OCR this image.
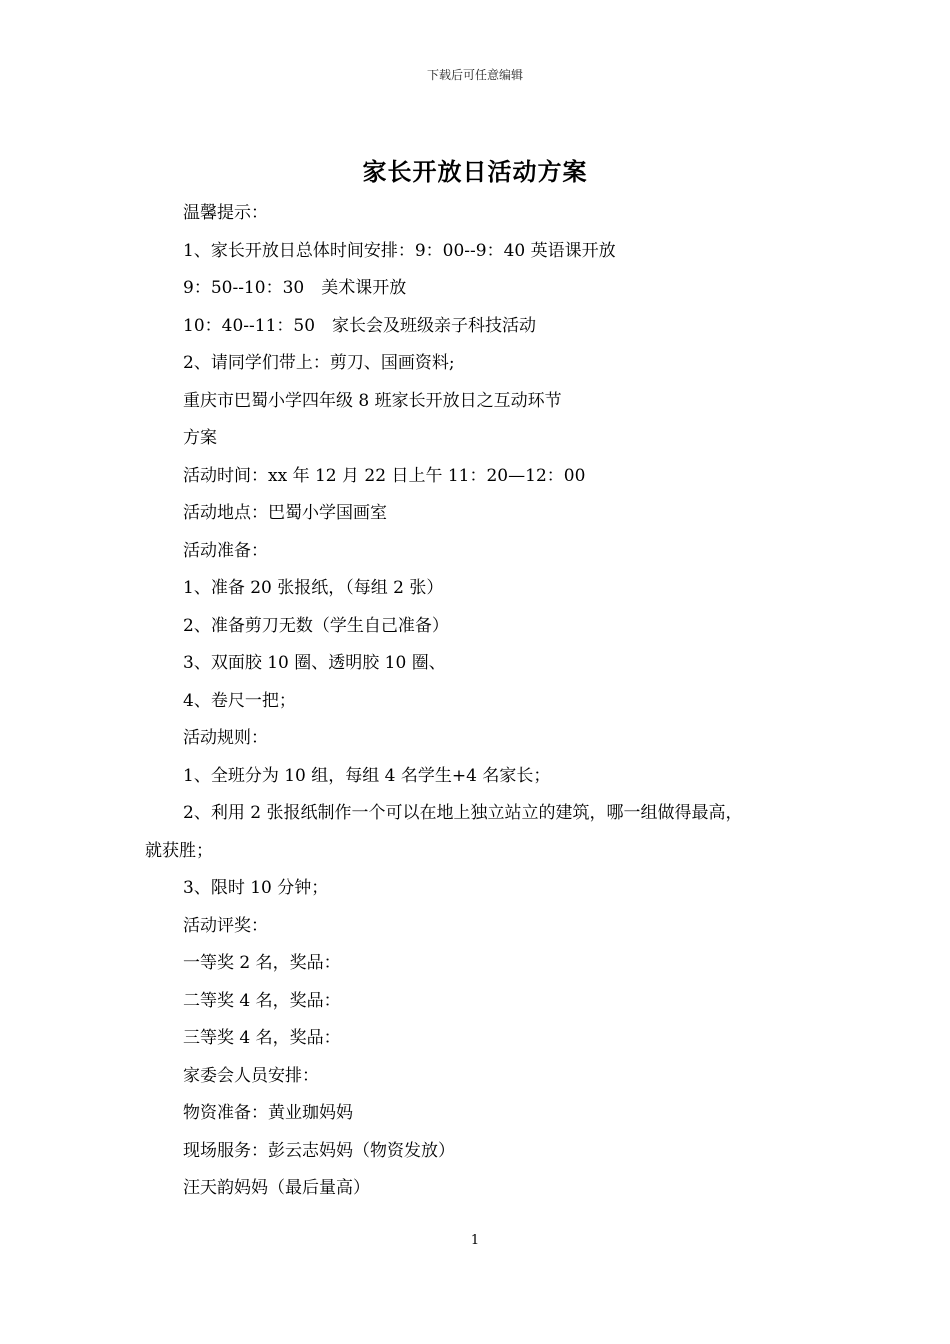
下载后可任意编辑
家长开放日活动方案
温馨提示：
1、家长开放日总体时间安排：9：00--9：40 英语课开放
9：50--10：30　美术课开放
10：40--11：50　家长会及班级亲子科技活动
2、请同学们带上：剪刀、国画资料;
重庆市巴蜀小学四年级 8 班家长开放日之互动环节
方案
活动时间：xx 年 12 月 22 日上午 11：20—12：00
活动地点：巴蜀小学国画室
活动准备：
1、准备 20 张报纸，（每组 2 张）
2、准备剪刀无数（学生自己准备）
3、双面胶 10 圈、透明胶 10 圈、
4、卷尺一把；
活动规则：
1、全班分为 10 组，每组 4 名学生+4 名家长；
2、利用 2 张报纸制作一个可以在地上独立站立的建筑，哪一组做得最高，
就获胜；
3、限时 10 分钟；
活动评奖：
一等奖 2 名，奖品：
二等奖 4 名，奖品：
三等奖 4 名，奖品：
家委会人员安排：
物资准备：黄业珈妈妈
现场服务：彭云志妈妈（物资发放）
汪天韵妈妈（最后量高）
1
